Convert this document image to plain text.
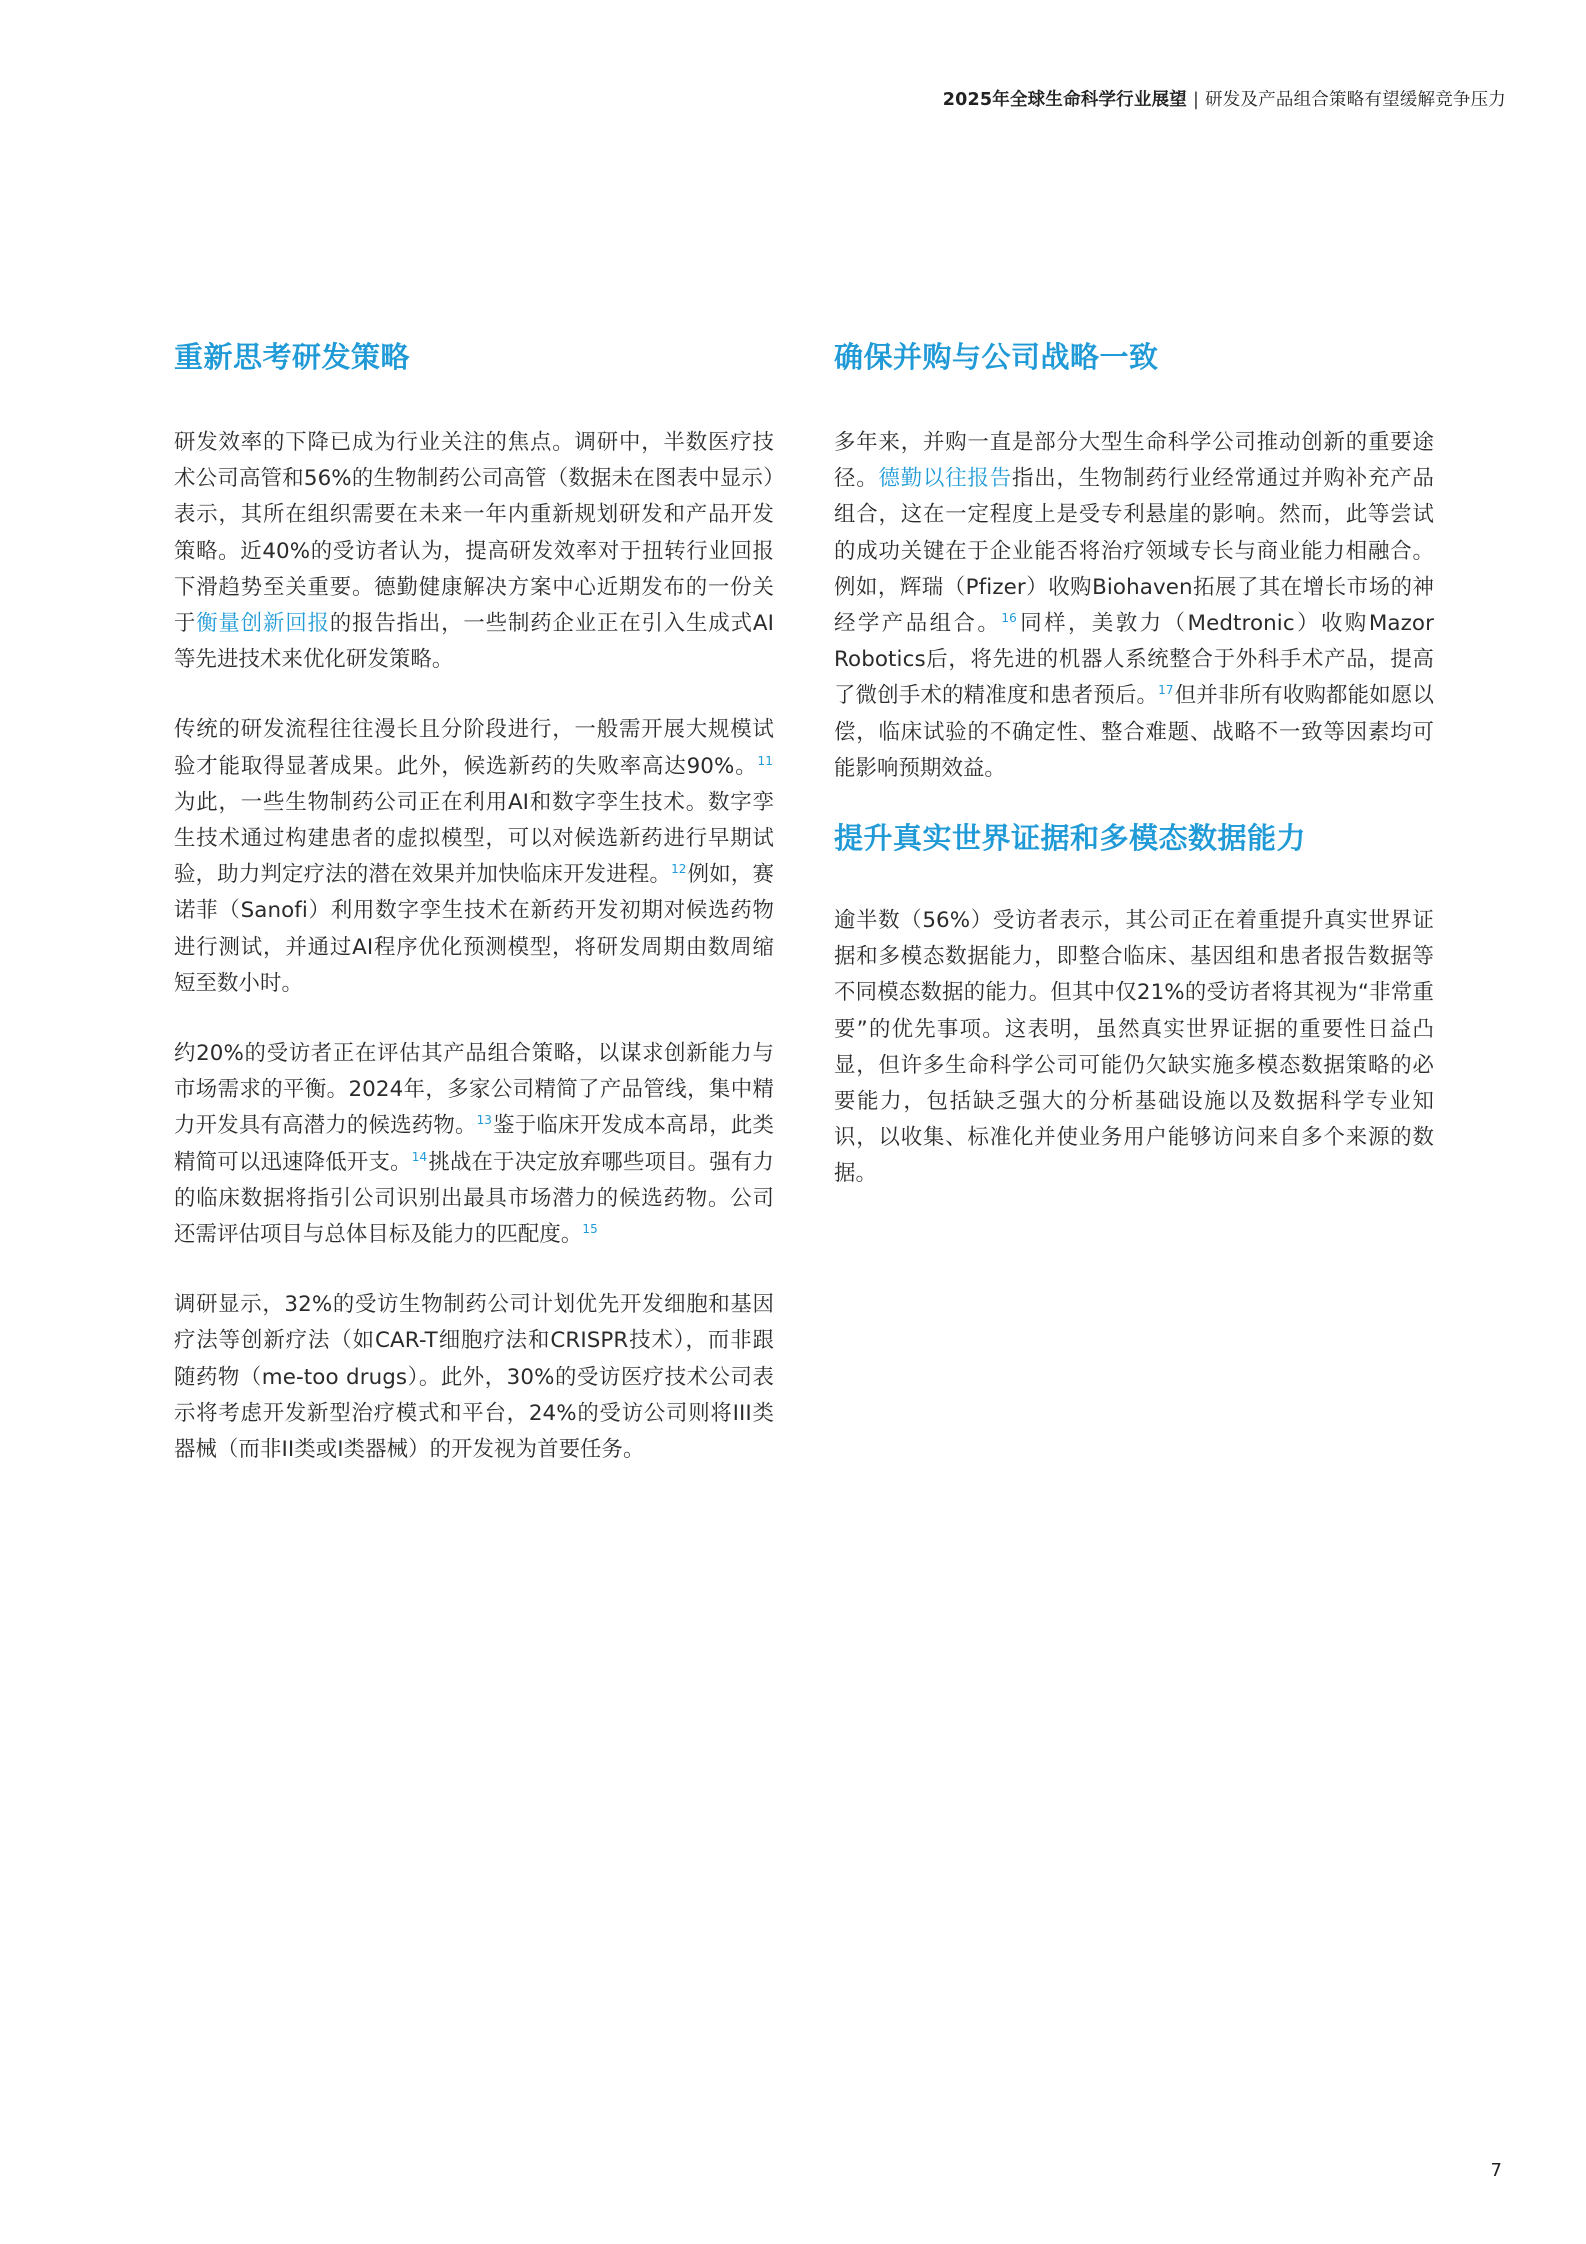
2025年全球生命科学行业展望 | 研发及产品组合策略有望缓解竞争压力
重新思考研发策略

研发效率的下降已成为行业关注的焦点。调研中，半数医疗技术公司高管和56%的生物制药公司高管（数据未在图表中显示）表示，其所在组织需要在未来一年内重新规划研发和产品开发策略。近40%的受访者认为，提高研发效率对于扭转行业回报下滑趋势至关重要。德勤健康解决方案中心近期发布的一份关于衡量创新回报的报告指出，一些制药企业正在引入生成式AI等先进技术来优化研发策略。

传统的研发流程往往漫长且分阶段进行，一般需开展大规模试验才能取得显著成果。此外，候选新药的失败率高达90%。$^{11}$为此，一些生物制药公司正在利用AI和数字孪生技术。数字孪生技术通过构建患者的虚拟模型，可以对候选新药进行早期试验，助力判定疗法的潜在效果并加快临床开发进程。$^{12}$例如，赛诺菲（Sanofi）利用数字孪生技术在新药开发初期对候选药物进行测试，并通过AI程序优化预测模型，将研发周期由数周缩短至数小时。

约20%的受访者正在评估其产品组合策略，以谋求创新能力与市场需求的平衡。2024年，多家公司精简了产品管线，集中精力开发具有高潜力的候选药物。$^{13}$鉴于临床开发成本高昂，此类精简可以迅速降低开支。$^{14}$挑战在于决定放弃哪些项目。强有力的临床数据将指引公司识别出最具市场潜力的候选药物。公司还需评估项目与总体目标及能力的匹配度。$^{15}$

调研显示，32%的受访生物制药公司计划优先开发细胞和基因疗法等创新疗法（如CAR-T细胞疗法和CRISPR技术），而非跟随药物（me-too drugs）。此外，30%的受访医疗技术公司表示将考虑开发新型治疗模式和平台，24%的受访公司则将III类器械（而非II类或I类器械）的开发视为首要任务。

确保并购与公司战略一致

多年来，并购一直是部分大型生命科学公司推动创新的重要途径。德勤以往报告指出，生物制药行业经常通过并购补充产品组合，这在一定程度上是受专利悬崖的影响。然而，此等尝试的成功关键在于企业能否将治疗领域专长与商业能力相融合。例如，辉瑞（Pfizer）收购Biohaven拓展了其在增长市场的神经学产品组合。$^{16}$同样，美敦力（Medtronic）收购Mazor Robotics后，将先进的机器人系统整合于外科手术产品，提高了微创手术的精准度和患者预后。$^{17}$但并非所有收购都能如愿以偿，临床试验的不确定性、整合难题、战略不一致等因素均可能影响预期效益。

提升真实世界证据和多模态数据能力

逾半数（56%）受访者表示，其公司正在着重提升真实世界证据和多模态数据能力，即整合临床、基因组和患者报告数据等不同模态数据的能力。但其中仅21%的受访者将其视为“非常重要”的优先事项。这表明，虽然真实世界证据的重要性日益凸显，但许多生命科学公司可能仍欠缺实施多模态数据策略的必要能力，包括缺乏强大的分析基础设施以及数据科学专业知识，以收集、标准化并使业务用户能够访问来自多个来源的数据。

7
